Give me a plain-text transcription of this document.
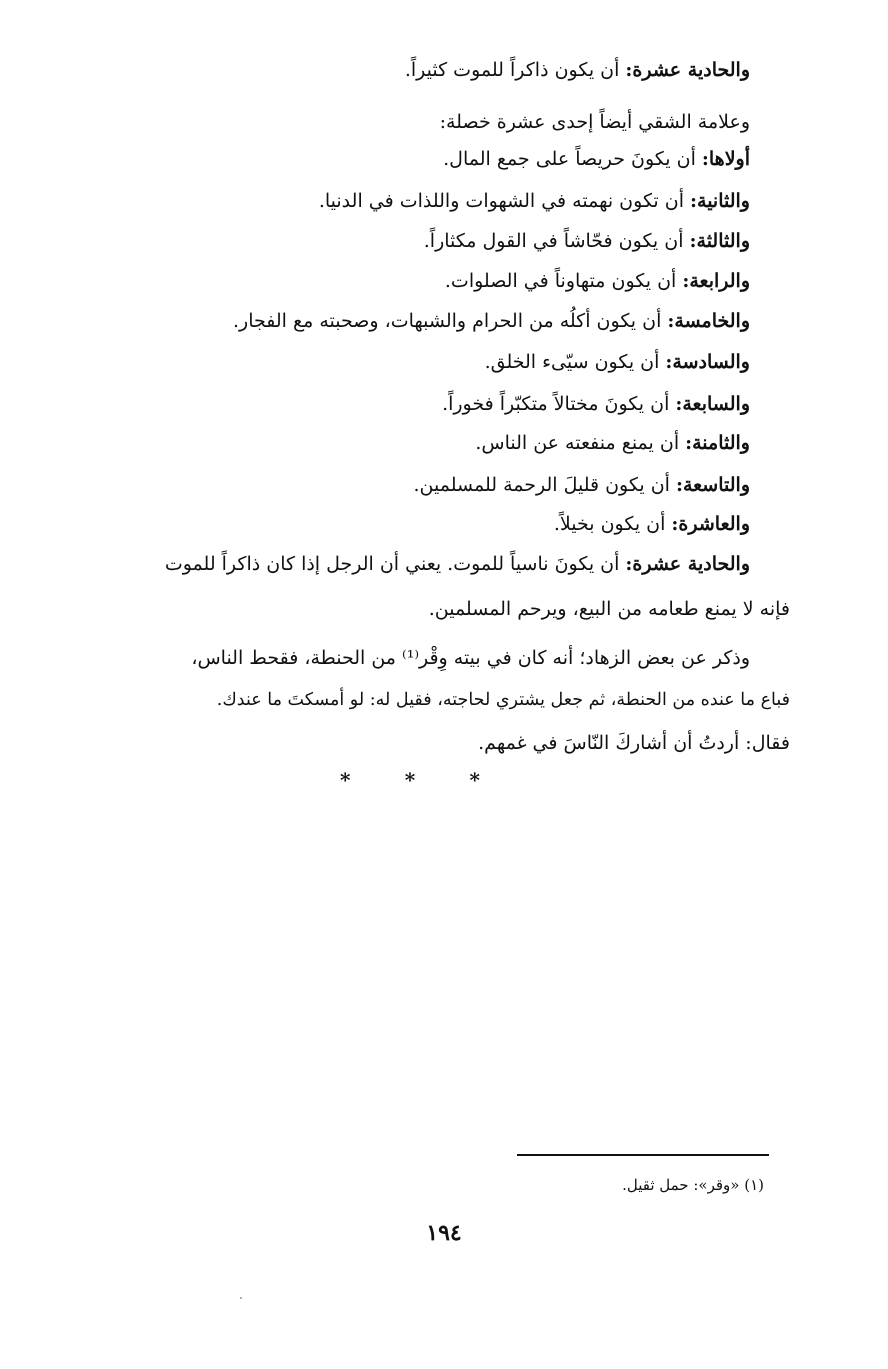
والحادية عشرة:أن يكون ذاكراً للموت كثيراً.
وعلامة الشقي أيضاً إحدى عشرة خصلة:
أولاها:أن يكونَ حريصاً على جمع المال.
والثانية:أن تكون نهمته في الشهوات واللذات في الدنيا.
والثالثة:أن يكون فحّاشاً في القول مكثاراً.
والرابعة:أن يكون متهاوناً في الصلوات.
والخامسة:أن يكون أكلُه من الحرام والشبهات، وصحبته مع الفجار.
والسادسة:أن يكون سيّىء الخلق.
والسابعة:أن يكونَ مختالاً متكبّراً فخوراً.
والثامنة:أن يمنع منفعته عن الناس.
والتاسعة:أن يكون قليلَ الرحمة للمسلمين.
والعاشرة:أن يكون بخيلاً.
والحادية عشرة:أن يكونَ ناسياً للموت. يعني أن الرجل إذا كان ذاكراً للموت
فإنه لا يمنع طعامه من البيع، ويرحم المسلمين.
وذكر عن بعض الزهاد؛ أنه كان في بيته وِقْر⁽¹⁾ من الحنطة، فقحط الناس،
فباع ما عنده من الحنطة، ثم جعل يشتري لحاجته، فقيل له: لو أمسكتَ ما عندك.
فقال: أردتُ أن أشاركَ النّاسَ في غمهم.
*	*	*
(١) «وقر»: حمل ثقيل.
١٩٤
